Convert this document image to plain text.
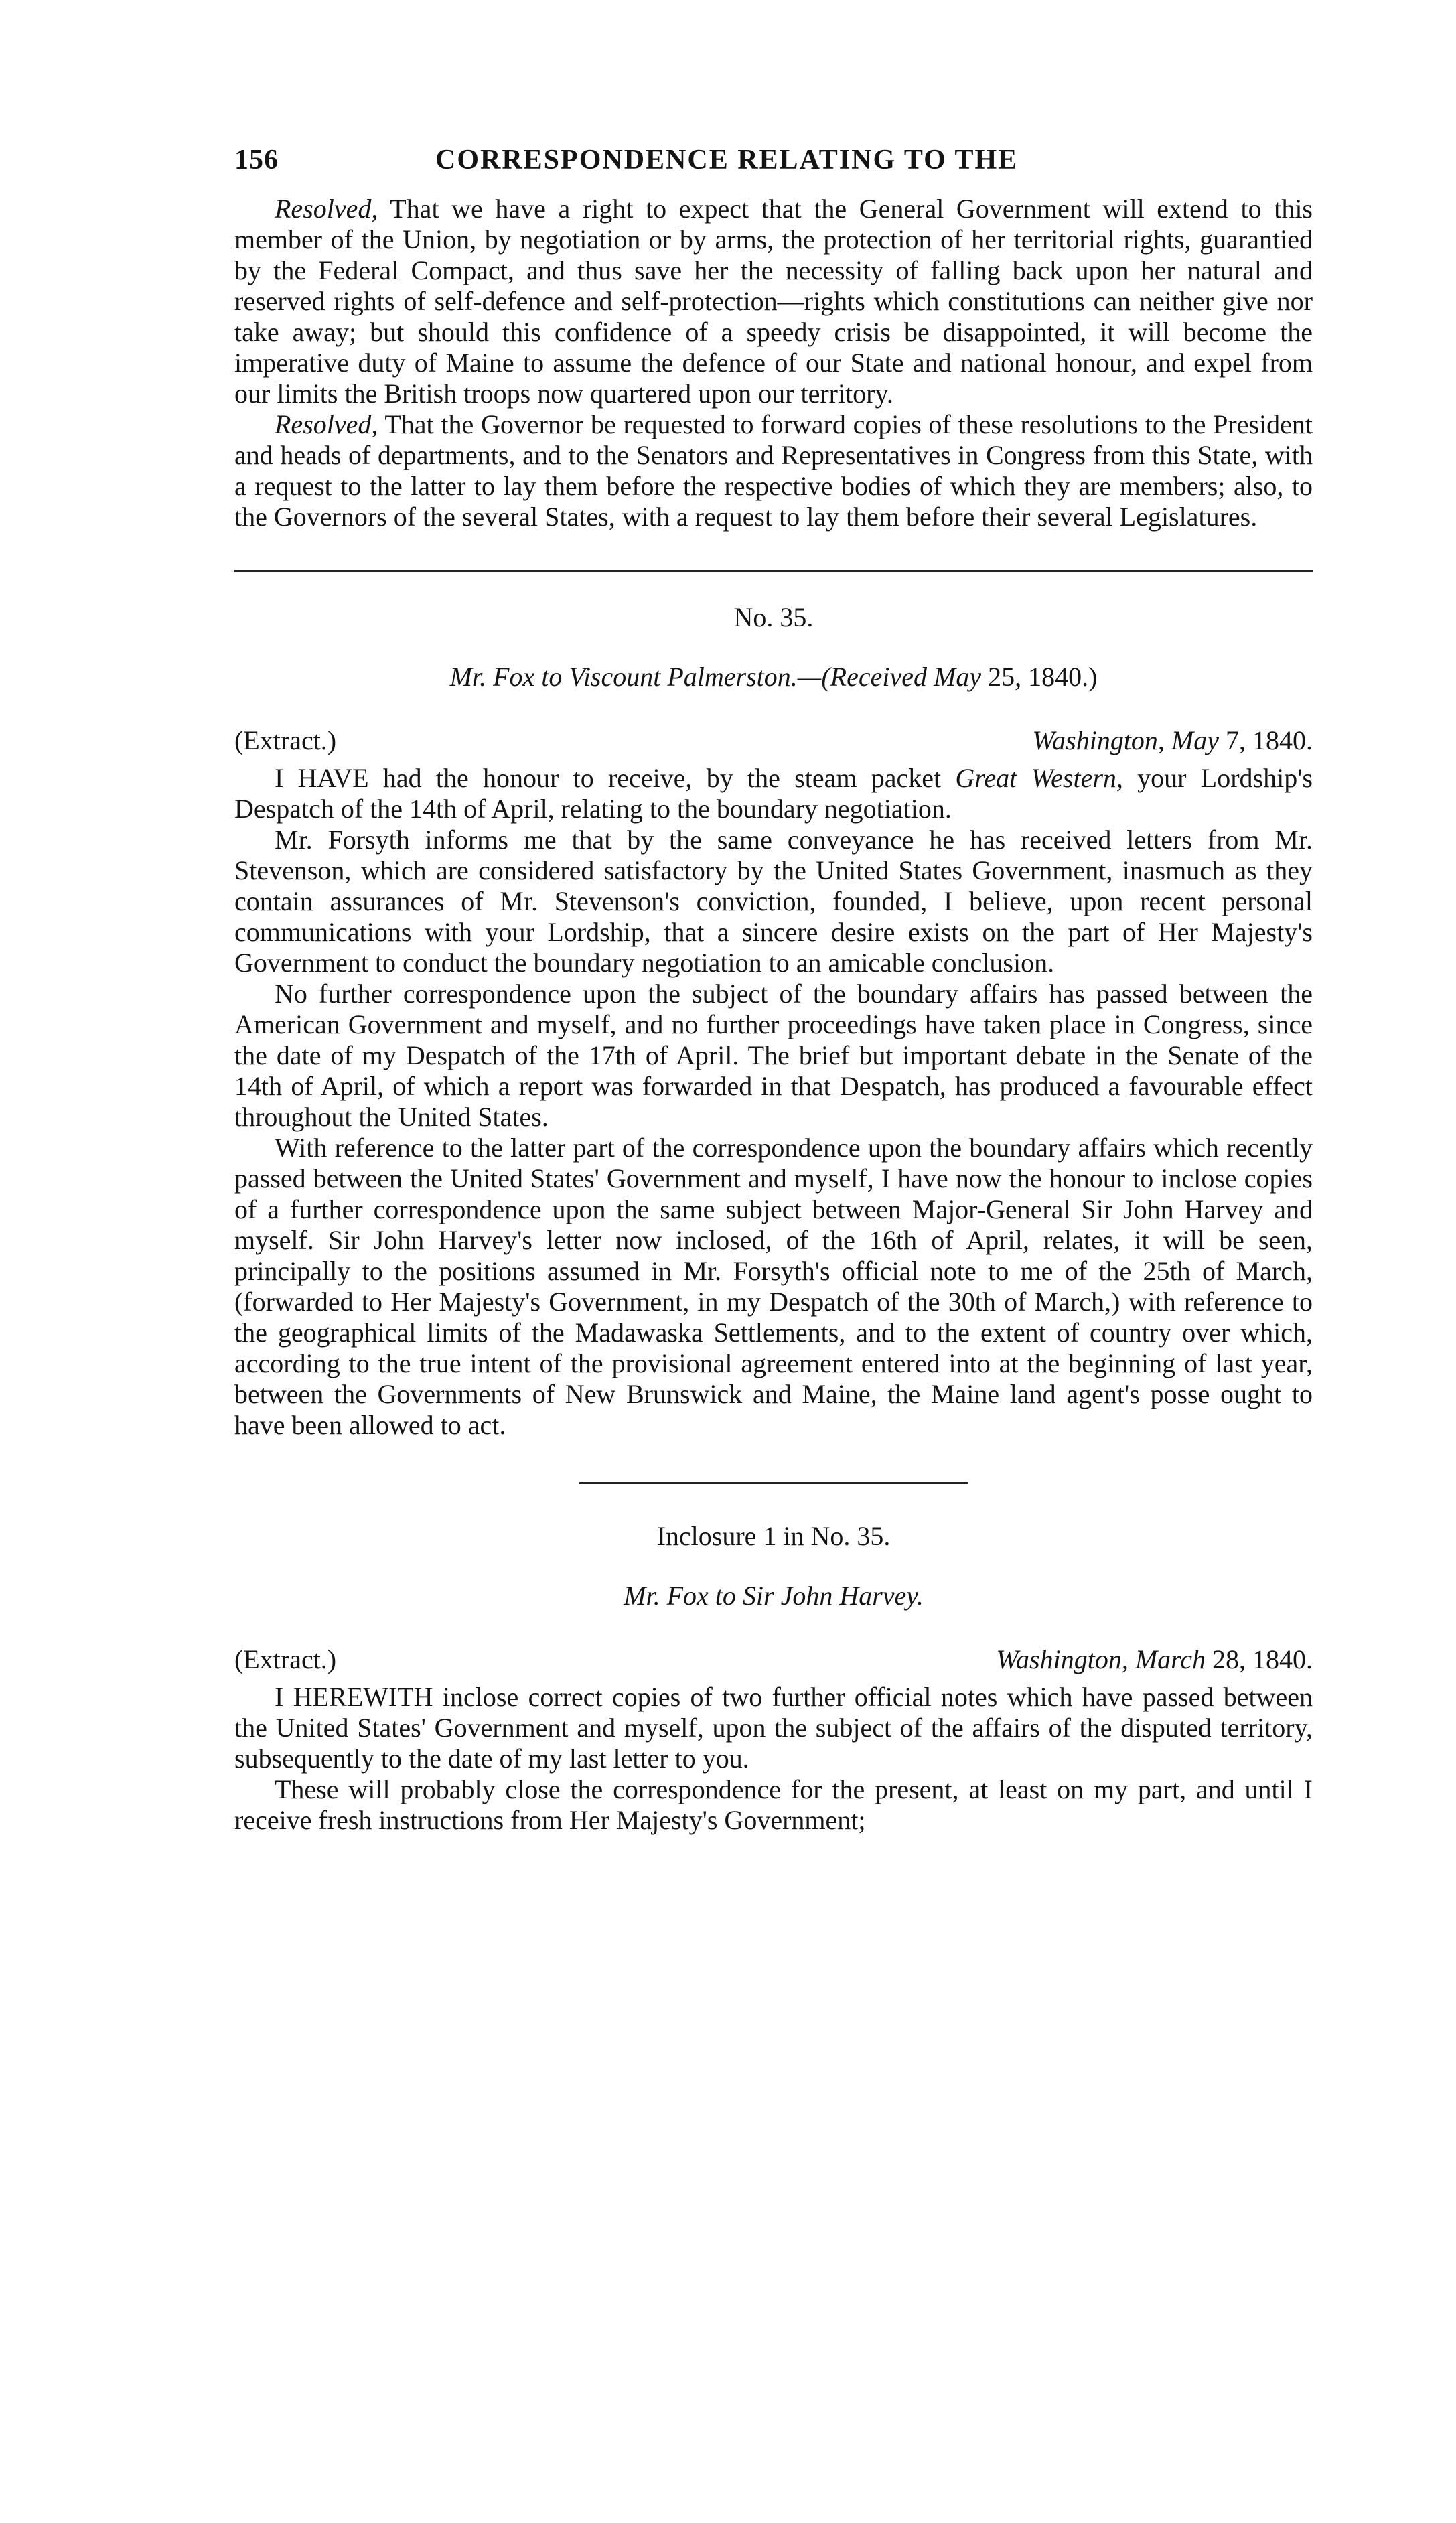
156	CORRESPONDENCE RELATING TO THE

Resolved, That we have a right to expect that the General Government will extend to this member of the Union, by negotiation or by arms, the protection of her territorial rights, guarantied by the Federal Compact, and thus save her the necessity of falling back upon her natural and reserved rights of self-defence and self-protection—rights which constitutions can neither give nor take away; but should this confidence of a speedy crisis be disappointed, it will become the imperative duty of Maine to assume the defence of our State and national honour, and expel from our limits the British troops now quartered upon our territory.

Resolved, That the Governor be requested to forward copies of these resolutions to the President and heads of departments, and to the Senators and Representatives in Congress from this State, with a request to the latter to lay them before the respective bodies of which they are members; also, to the Governors of the several States, with a request to lay them before their several Legislatures.

No. 35.
Mr. Fox to Viscount Palmerston.—(Received May 25, 1840.)
(Extract.)	Washington, May 7, 1840.

I HAVE had the honour to receive, by the steam packet Great Western, your Lordship's Despatch of the 14th of April, relating to the boundary negotiation.

Mr. Forsyth informs me that by the same conveyance he has received letters from Mr. Stevenson, which are considered satisfactory by the United States Government, inasmuch as they contain assurances of Mr. Stevenson's conviction, founded, I believe, upon recent personal communications with your Lordship, that a sincere desire exists on the part of Her Majesty's Government to conduct the boundary negotiation to an amicable conclusion.

No further correspondence upon the subject of the boundary affairs has passed between the American Government and myself, and no further proceedings have taken place in Congress, since the date of my Despatch of the 17th of April. The brief but important debate in the Senate of the 14th of April, of which a report was forwarded in that Despatch, has produced a favourable effect throughout the United States.

With reference to the latter part of the correspondence upon the boundary affairs which recently passed between the United States' Government and myself, I have now the honour to inclose copies of a further correspondence upon the same subject between Major-General Sir John Harvey and myself. Sir John Harvey's letter now inclosed, of the 16th of April, relates, it will be seen, principally to the positions assumed in Mr. Forsyth's official note to me of the 25th of March, (forwarded to Her Majesty's Government, in my Despatch of the 30th of March,) with reference to the geographical limits of the Madawaska Settlements, and to the extent of country over which, according to the true intent of the provisional agreement entered into at the beginning of last year, between the Governments of New Brunswick and Maine, the Maine land agent's posse ought to have been allowed to act.

Inclosure 1 in No. 35.
Mr. Fox to Sir John Harvey.
(Extract.)	Washington, March 28, 1840.

I HEREWITH inclose correct copies of two further official notes which have passed between the United States' Government and myself, upon the subject of the affairs of the disputed territory, subsequently to the date of my last letter to you.

These will probably close the correspondence for the present, at least on my part, and until I receive fresh instructions from Her Majesty's Government;
